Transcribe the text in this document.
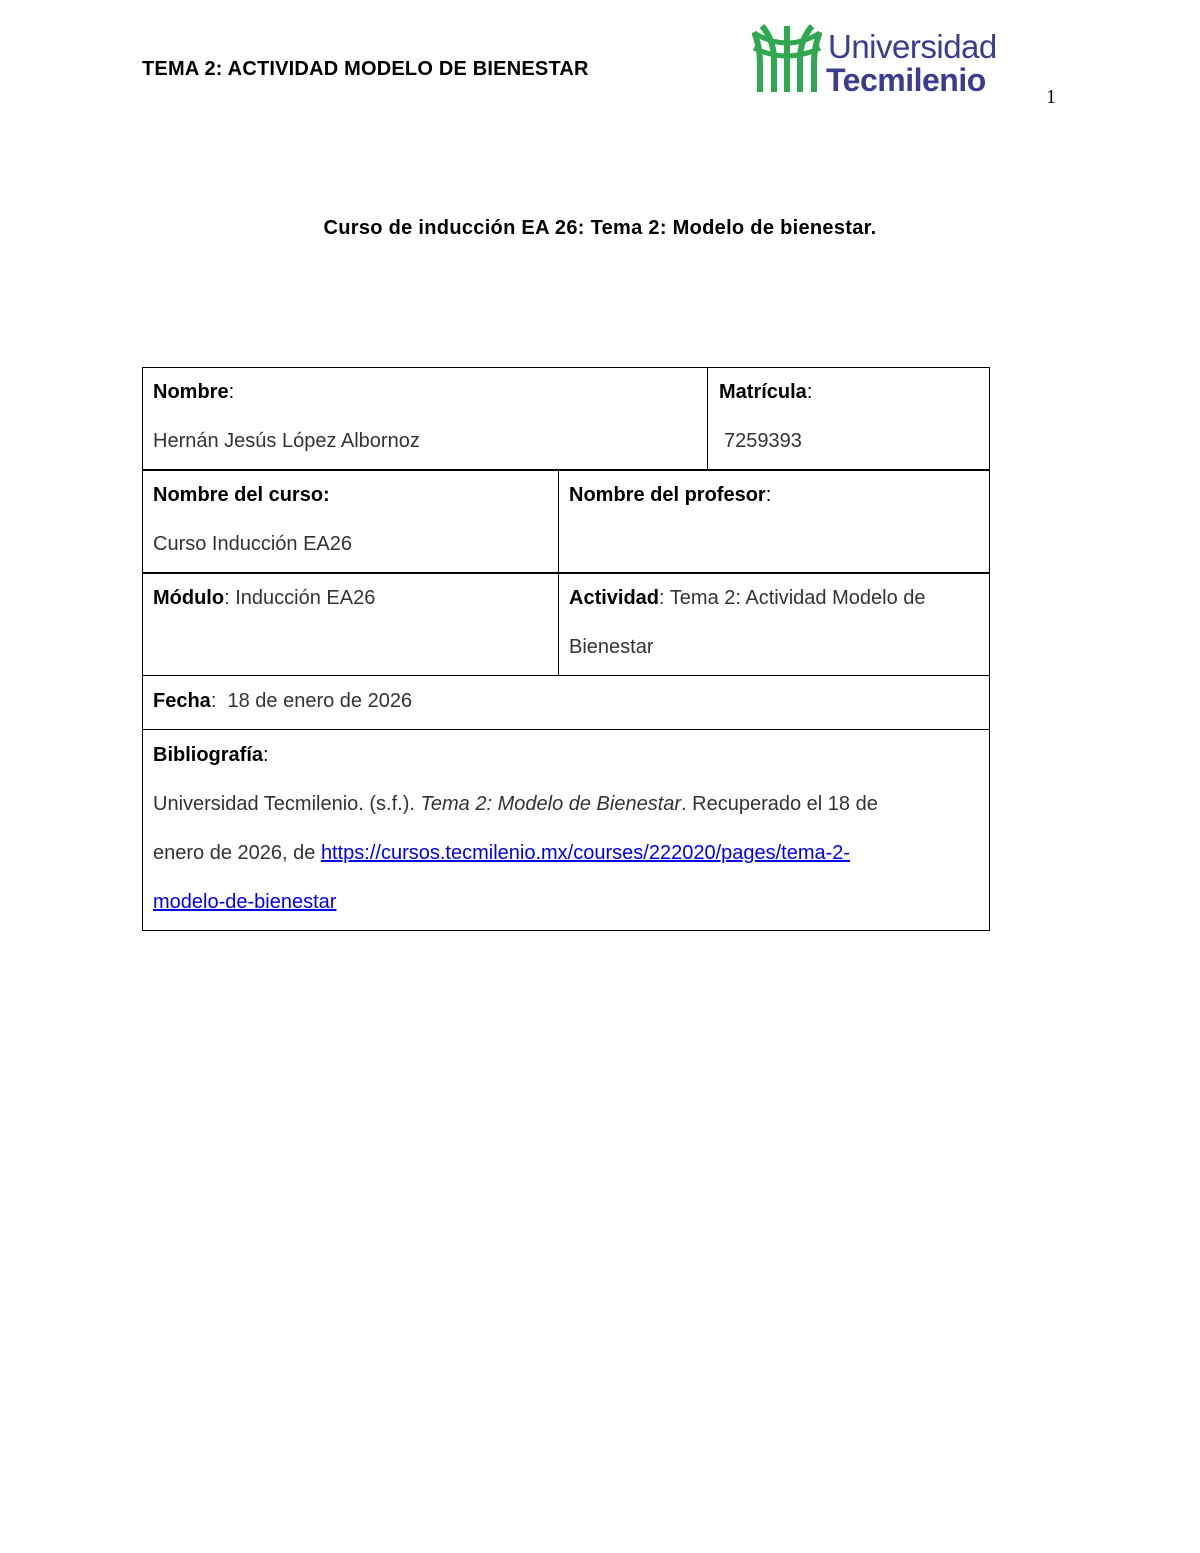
TEMA 2: ACTIVIDAD MODELO DE BIENESTAR
Universidad
Tecmilenio	1
Curso de inducción EA 26: Tema 2: Modelo de bienestar.
Nombre:
Hernán Jesús López Albornoz
Matrícula:
7259393
Nombre del curso:
Curso Inducción EA26
Nombre del profesor:
Módulo: Inducción EA26	Actividad: Tema 2: Actividad Modelo de
Bienestar
Fecha:  18 de enero de 2026
Bibliografía:
Universidad Tecmilenio. (s.f.). Tema 2: Modelo de Bienestar. Recuperado el 18 de
enero de 2026, de https://cursos.tecmilenio.mx/courses/222020/pages/tema-2-
modelo-de-bienestar
